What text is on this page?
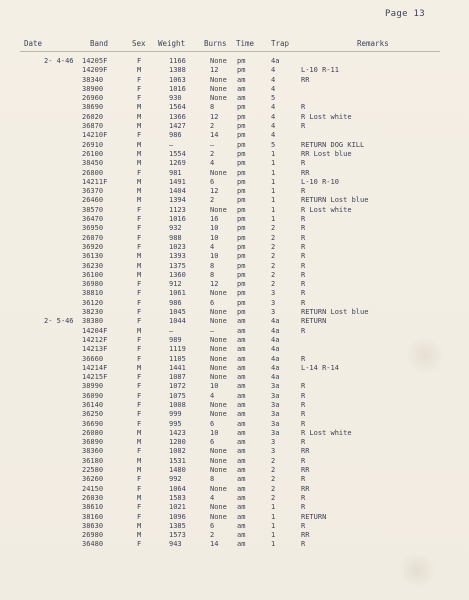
Page 13
Date	Band	Sex Weight	Burns Time Trap	Remarks
2- 4-46 14205F	F	1166	None pm	4a
14209F	M	1388	12	pm	4	L-10 R-11
38340	F	1063	None am	4	RR
38900	F	1016	None am	4
26960	F	930	None am	5
38690	M	1564	8	pm	4	R
26020	M	1366	12	pm	4	R Lost white
36870	M	1427	2	pm	4	R
14210F	F	986	14	pm	4
26910	M	—	—	pm	5	RETURN DOG KILL
26100	M	1554	2	pm	1	RR Lost blue
38450	M	1269	4	pm	1	R
26800	F	981	None pm	1	RR
14211F	M	1491	6	pm	1	L-10 R-10
36370	M	1404	12	pm	1	R
26460	M	1394	2	pm	1	RETURN Lost blue
38570	F	1123	None pm	1	R Lost white
36470	F	1016	16	pm	1	R
36950	F	932	10	pm	2	R
26070	F	988	10	pm	2	R
36920	F	1023	4	pm	2	R
36130	M	1393	10	pm	2	R
36230	M	1375	8	pm	2	R
36100	M	1360	8	pm	2	R
36980	F	912	12	pm	2	R
38810	F	1061	None pm	3	R
36120	F	986	6	pm	3	R
38230	F	1045	None pm	3	RETURN Lost blue
2- 5-46 38380	F	1044	None am	4a	RETURN
14204F	M	—	—	am	4a	R
14212F	F	989	None am	4a
14213F	F	1119	None am	4a
36660	F	1105	None am	4a	R
14214F	M	1441	None am	4a	L-14 R-14
14215F	F	1087	None am	4a
38990	F	1072	10	am	3a	R
36090	F	1075	4	am	3a	R
36140	F	1008	None am	3a	R
36250	F	999	None am	3a	R
36690	F	995	6	am	3a	R
26080	M	1423	10	am	3a	R Lost white
36890	M	1280	6	am	3	R
38360	F	1082	None am	3	RR
36180	M	1531	None am	2	R
22580	M	1480	None am	2	RR
36260	F	992	8	am	2	R
24150	F	1064	None am	2	RR
26030	M	1583	4	am	2	R
38610	F	1021	None am	1	R
38160	F	1096	None am	1	RETURN
38630	M	1385	6	am	1	R
26980	M	1573	2	am	1	RR
36480	F	943	14	am	1	R
